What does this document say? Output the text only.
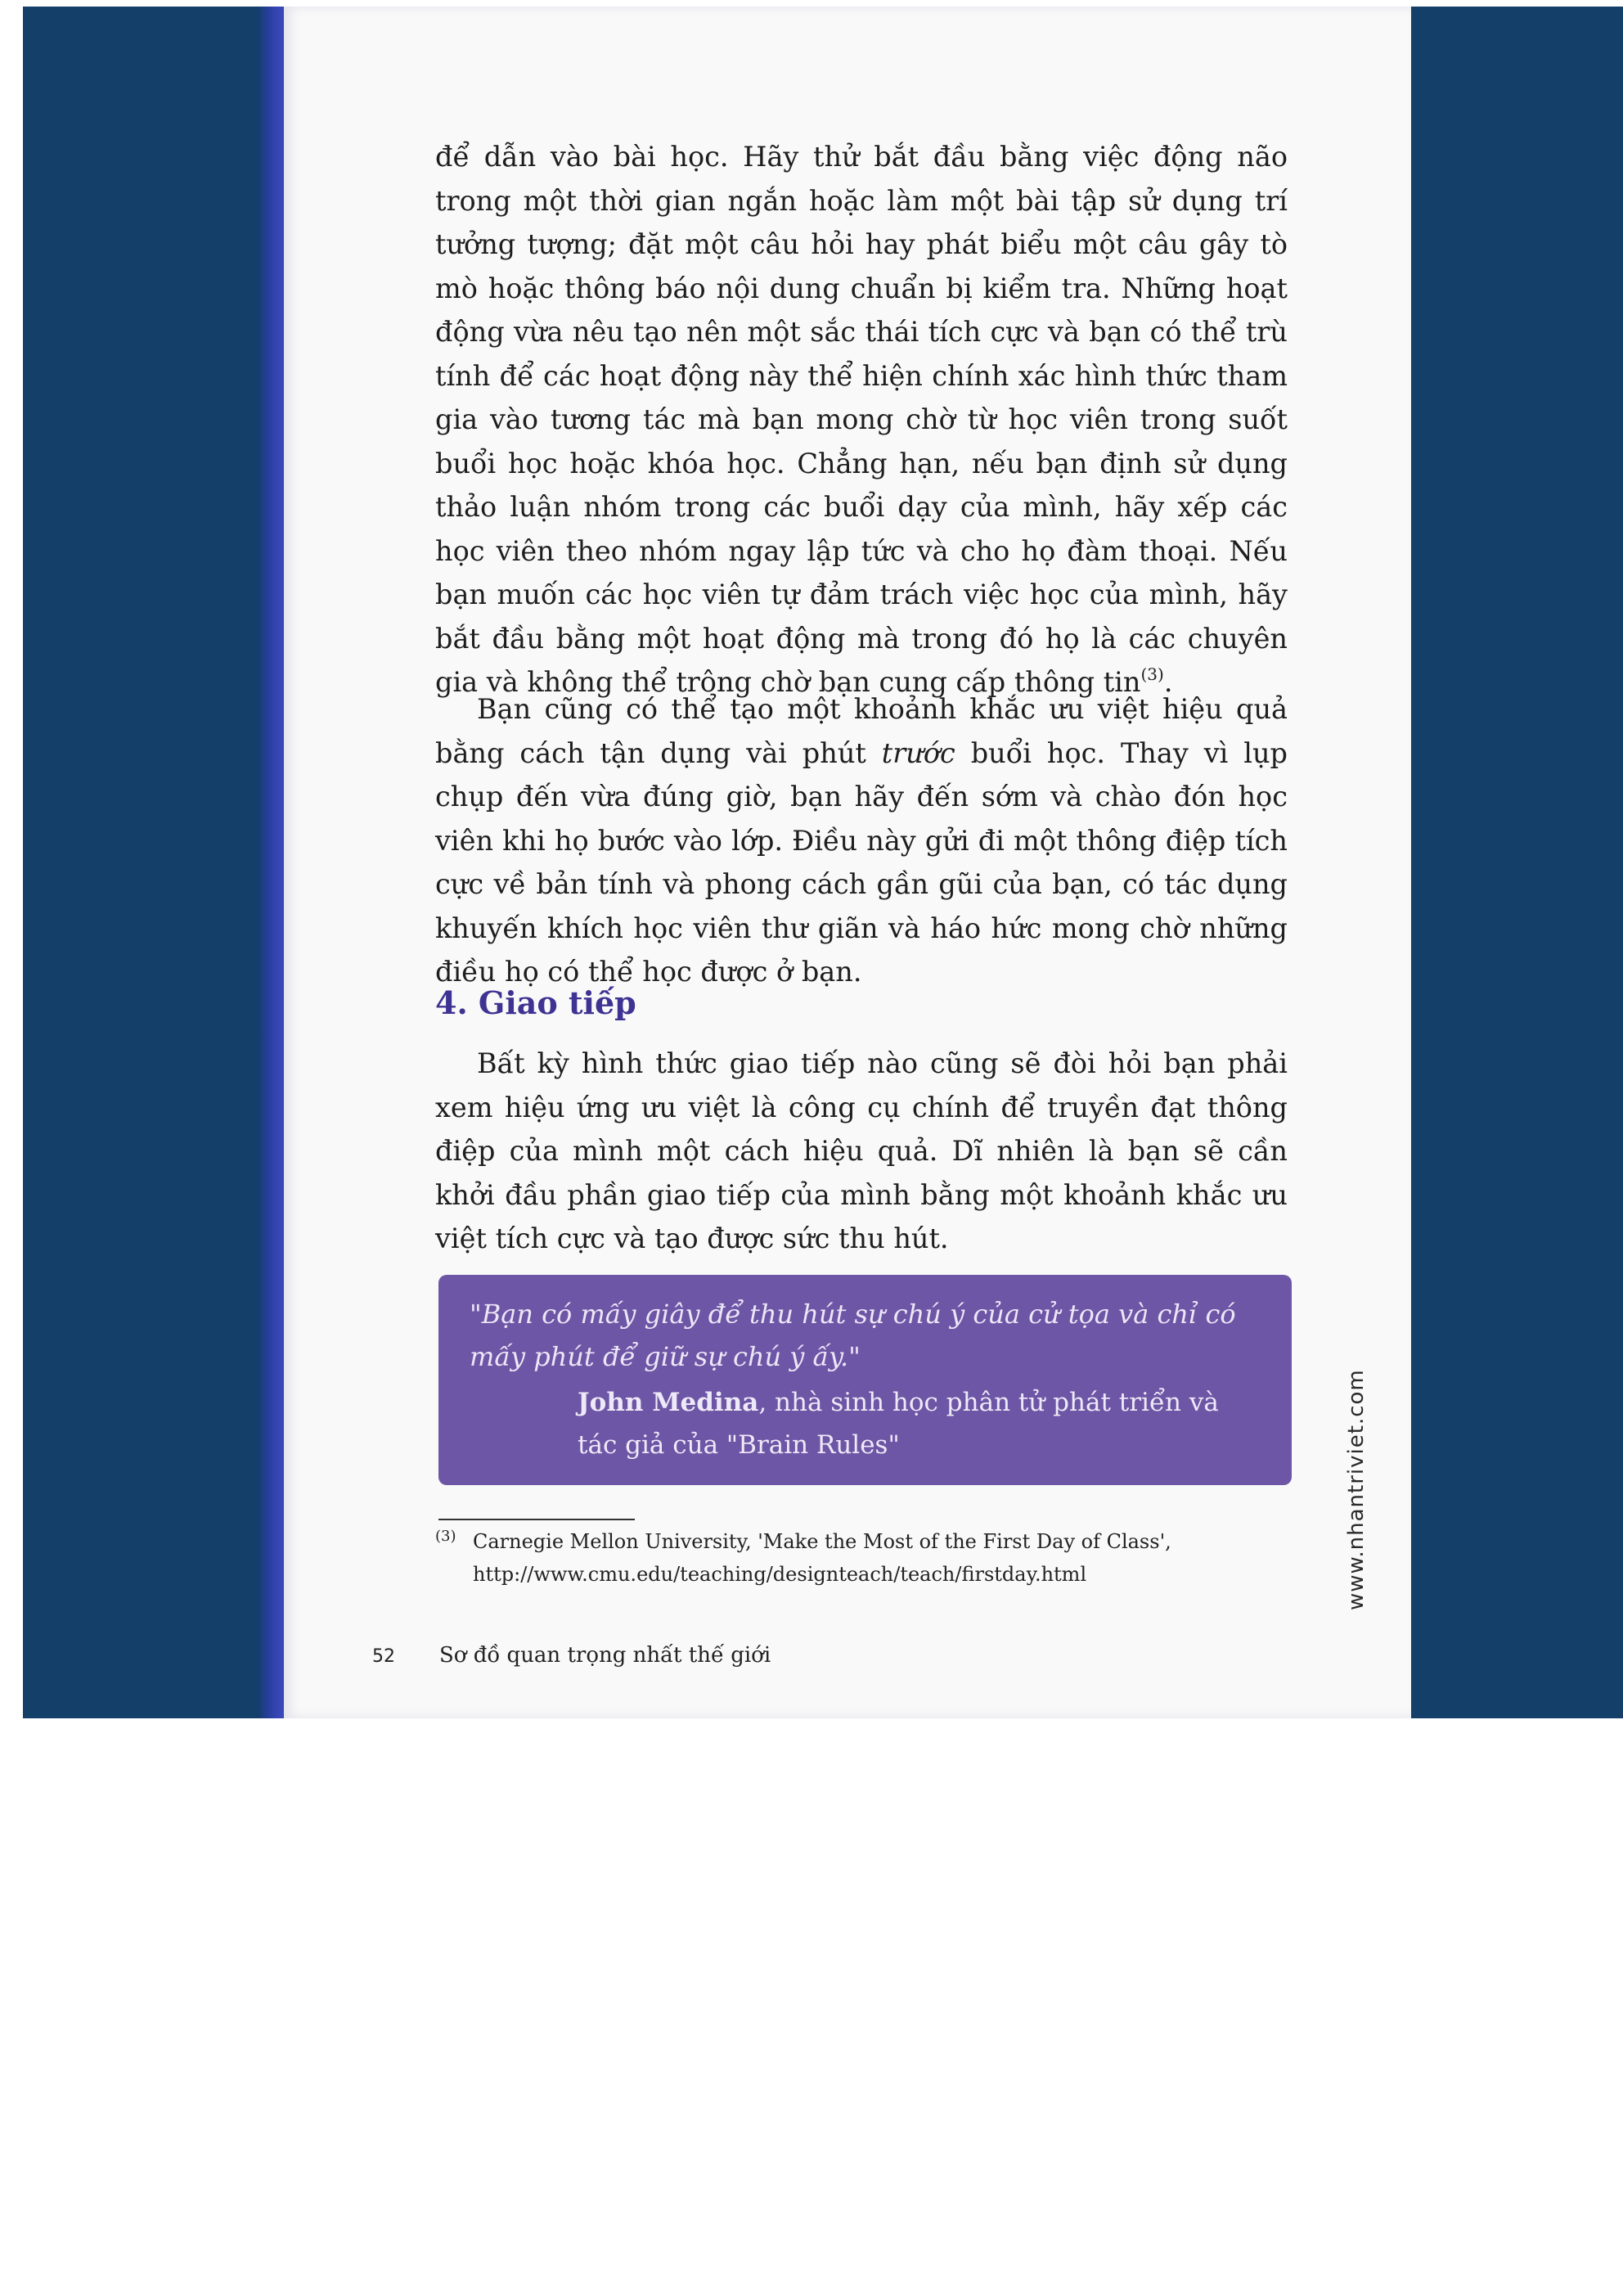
để dẫn vào bài học. Hãy thử bắt đầu bằng việc động não trong một thời gian ngắn hoặc làm một bài tập sử dụng trí tưởng tượng; đặt một câu hỏi hay phát biểu một câu gây tò mò hoặc thông báo nội dung chuẩn bị kiểm tra. Những hoạt động vừa nêu tạo nên một sắc thái tích cực và bạn có thể trù tính để các hoạt động này thể hiện chính xác hình thức tham gia vào tương tác mà bạn mong chờ từ học viên trong suốt buổi học hoặc khóa học. Chẳng hạn, nếu bạn định sử dụng thảo luận nhóm trong các buổi dạy của mình, hãy xếp các học viên theo nhóm ngay lập tức và cho họ đàm thoại. Nếu bạn muốn các học viên tự đảm trách việc học của mình, hãy bắt đầu bằng một hoạt động mà trong đó họ là các chuyên gia và không thể trông chờ bạn cung cấp thông tin$^{(3)}$.

Bạn cũng có thể tạo một khoảnh khắc ưu việt hiệu quả bằng cách tận dụng vài phút trước buổi học. Thay vì lụp chụp đến vừa đúng giờ, bạn hãy đến sớm và chào đón học viên khi họ bước vào lớp. Điều này gửi đi một thông điệp tích cực về bản tính và phong cách gần gũi của bạn, có tác dụng khuyến khích học viên thư giãn và háo hức mong chờ những điều họ có thể học được ở bạn.

4. Giao tiếp

Bất kỳ hình thức giao tiếp nào cũng sẽ đòi hỏi bạn phải xem hiệu ứng ưu việt là công cụ chính để truyền đạt thông điệp của mình một cách hiệu quả. Dĩ nhiên là bạn sẽ cần khởi đầu phần giao tiếp của mình bằng một khoảnh khắc ưu việt tích cực và tạo được sức thu hút.

"Bạn có mấy giây để thu hút sự chú ý của cử tọa và chỉ có mấy phút để giữ sự chú ý ấy."

John Medina, nhà sinh học phân tử phát triển và tác giả của "Brain Rules"

(3) Carnegie Mellon University, 'Make the Most of the First Day of Class',
http://www.cmu.edu/teaching/designteach/teach/firstday.html

52 Sơ đồ quan trọng nhất thế giới

www.nhantriviet.com
